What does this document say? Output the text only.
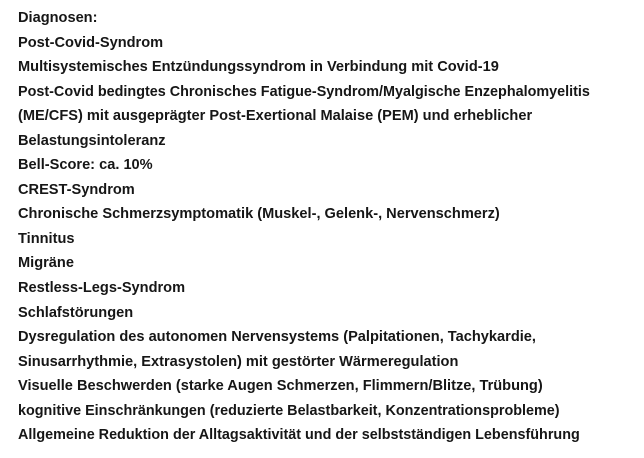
Diagnosen:
Post-Covid-Syndrom
Multisystemisches Entzündungssyndrom in Verbindung mit Covid-19
Post-Covid bedingtes Chronisches Fatigue-Syndrom/Myalgische Enzephalomyelitis
(ME/CFS) mit ausgeprägter Post-Exertional Malaise (PEM) und erheblicher
Belastungsintoleranz
Bell-Score: ca. 10%
CREST-Syndrom
Chronische Schmerzsymptomatik (Muskel-, Gelenk-, Nervenschmerz)
Tinnitus
Migräne
Restless-Legs-Syndrom
Schlafstörungen
Dysregulation des autonomen Nervensystems (Palpitationen, Tachykardie,
Sinusarrhythmie, Extrasystolen) mit gestörter Wärmeregulation
Visuelle Beschwerden (starke Augen Schmerzen, Flimmern/Blitze, Trübung)
kognitive Einschränkungen (reduzierte Belastbarkeit, Konzentrationsprobleme)
Allgemeine Reduktion der Alltagsaktivität und der selbstständigen Lebensführung
